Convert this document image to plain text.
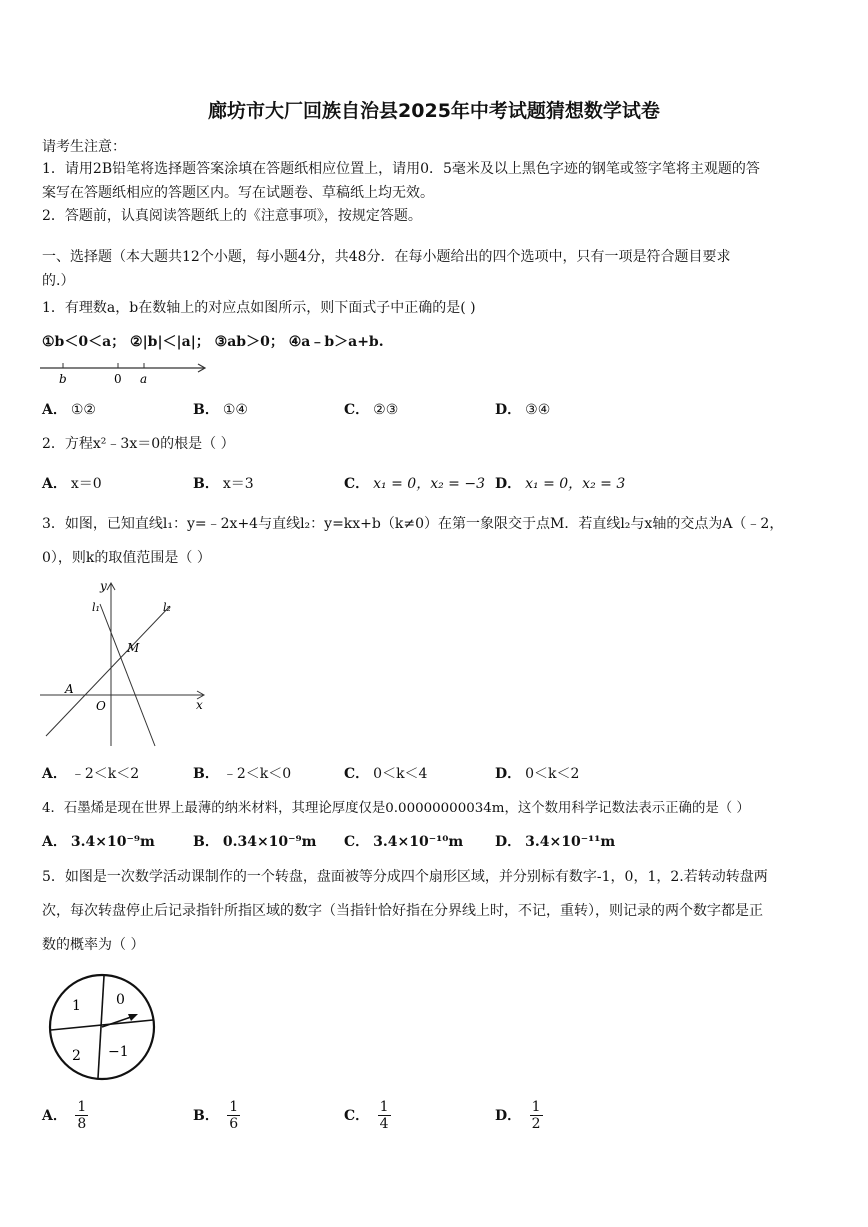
廊坊市大厂回族自治县2025年中考试题猜想数学试卷
请考生注意：
1．请用2B铅笔将选择题答案涂填在答题纸相应位置上，请用0．5毫米及以上黑色字迹的钢笔或签字笔将主观题的答
案写在答题纸相应的答题区内。写在试题卷、草稿纸上均无效。
2．答题前，认真阅读答题纸上的《注意事项》，按规定答题。
一、选择题（本大题共12个小题，每小题4分，共48分．在每小题给出的四个选项中，只有一项是符合题目要求
的.）
1．有理数a，b在数轴上的对应点如图所示，则下面式子中正确的是( )
①b＜0＜a； ②|b|＜|a|； ③ab＞0； ④a﹣b＞a+b.
b	0 a
A． ①②	B． ①④	C． ②③	D． ③④
2．方程x²﹣3x＝0的根是（ ）
A． x＝0	B． x＝3	C． x₁ = 0，x₂ = −3 D． x₁ = 0，x₂ = 3
3．如图，已知直线l₁：y=﹣2x+4与直线l₂：y=kx+b（k≠0）在第一象限交于点M．若直线l₂与x轴的交点为A（﹣2，
0），则k的取值范围是（ ）
y
x
l₁	l₂
M
A
O
A． ﹣2＜k＜2	B． ﹣2＜k＜0	C． 0＜k＜4	D． 0＜k＜2
4．石墨烯是现在世界上最薄的纳米材料，其理论厚度仅是0.00000000034m，这个数用科学记数法表示正确的是（ ）
A． 3.4×10⁻⁹m	B． 0.34×10⁻⁹m C． 3.4×10⁻¹⁰m D． 3.4×10⁻¹¹m
5．如图是一次数学活动课制作的一个转盘，盘面被等分成四个扇形区域，并分别标有数字-1，0，1，2.若转动转盘两
次，每次转盘停止后记录指针所指区域的数字（当指针恰好指在分界线上时，不记，重转），则记录的两个数字都是正
数的概率为（ ）
1	0
2 −1
A． $\frac{1}{8}$	B． $\frac{1}{6}$	C． $\frac{1}{4}$	D． $\frac{1}{2}$
